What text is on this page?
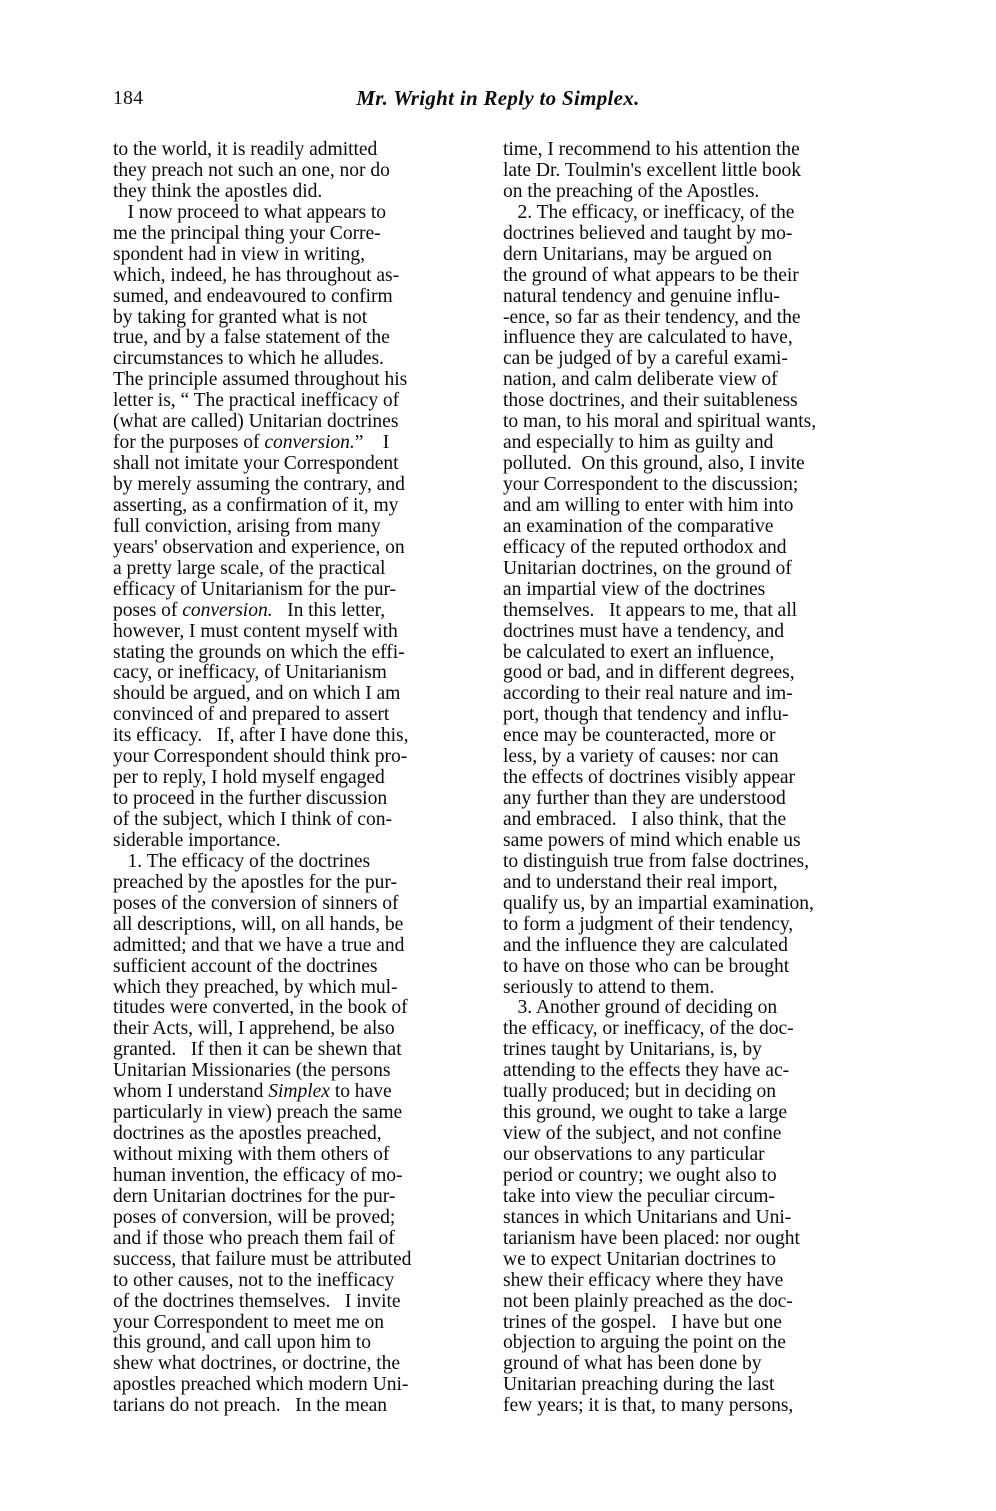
184	Mr. Wright in Reply to Simplex.
to the world, it is readily admitted
they preach not such an one, nor do
they think the apostles did.
I now proceed to what appears to
me the principal thing your Corre-
spondent had in view in writing,
which, indeed, he has throughout as-
sumed, and endeavoured to confirm
by taking for granted what is not
true, and by a false statement of the
circumstances to which he alludes.
The principle assumed throughout his
letter is, “ The practical inefficacy of
(what are called) Unitarian doctrines
for the purposes of conversion.”    I
shall not imitate your Correspondent
by merely assuming the contrary, and
asserting, as a confirmation of it, my
full conviction, arising from many
years' observation and experience, on
a pretty large scale, of the practical
efficacy of Unitarianism for the pur-
poses of conversion.   In this letter,
however, I must content myself with
stating the grounds on which the effi-
cacy, or inefficacy, of Unitarianism
should be argued, and on which I am
convinced of and prepared to assert
its efficacy.   If, after I have done this,
your Correspondent should think pro-
per to reply, I hold myself engaged
to proceed in the further discussion
of the subject, which I think of con-
siderable importance.
1. The efficacy of the doctrines
preached by the apostles for the pur-
poses of the conversion of sinners of
all descriptions, will, on all hands, be
admitted; and that we have a true and
sufficient account of the doctrines
which they preached, by which mul-
titudes were converted, in the book of
their Acts, will, I apprehend, be also
granted.   If then it can be shewn that
Unitarian Missionaries (the persons
whom I understand Simplex to have
particularly in view) preach the same
doctrines as the apostles preached,
without mixing with them others of
human invention, the efficacy of mo-
dern Unitarian doctrines for the pur-
poses of conversion, will be proved;
and if those who preach them fail of
success, that failure must be attributed
to other causes, not to the inefficacy
of the doctrines themselves.   I invite
your Correspondent to meet me on
this ground, and call upon him to
shew what doctrines, or doctrine, the
apostles preached which modern Uni-
tarians do not preach.   In the mean
time, I recommend to his attention the
late Dr. Toulmin's excellent little book
on the preaching of the Apostles.
2. The efficacy, or inefficacy, of the
doctrines believed and taught by mo-
dern Unitarians, may be argued on
the ground of what appears to be their
natural tendency and genuine influ-
-ence, so far as their tendency, and the
influence they are calculated to have,
can be judged of by a careful exami-
nation, and calm deliberate view of
those doctrines, and their suitableness
to man, to his moral and spiritual wants,
and especially to him as guilty and
polluted.  On this ground, also, I invite
your Correspondent to the discussion;
and am willing to enter with him into
an examination of the comparative
efficacy of the reputed orthodox and
Unitarian doctrines, on the ground of
an impartial view of the doctrines
themselves.   It appears to me, that all
doctrines must have a tendency, and
be calculated to exert an influence,
good or bad, and in different degrees,
according to their real nature and im-
port, though that tendency and influ-
ence may be counteracted, more or
less, by a variety of causes: nor can
the effects of doctrines visibly appear
any further than they are understood
and embraced.   I also think, that the
same powers of mind which enable us
to distinguish true from false doctrines,
and to understand their real import,
qualify us, by an impartial examination,
to form a judgment of their tendency,
and the influence they are calculated
to have on those who can be brought
seriously to attend to them.
3. Another ground of deciding on
the efficacy, or inefficacy, of the doc-
trines taught by Unitarians, is, by
attending to the effects they have ac-
tually produced; but in deciding on
this ground, we ought to take a large
view of the subject, and not confine
our observations to any particular
period or country; we ought also to
take into view the peculiar circum-
stances in which Unitarians and Uni-
tarianism have been placed: nor ought
we to expect Unitarian doctrines to
shew their efficacy where they have
not been plainly preached as the doc-
trines of the gospel.   I have but one
objection to arguing the point on the
ground of what has been done by
Unitarian preaching during the last
few years; it is that, to many persons,
